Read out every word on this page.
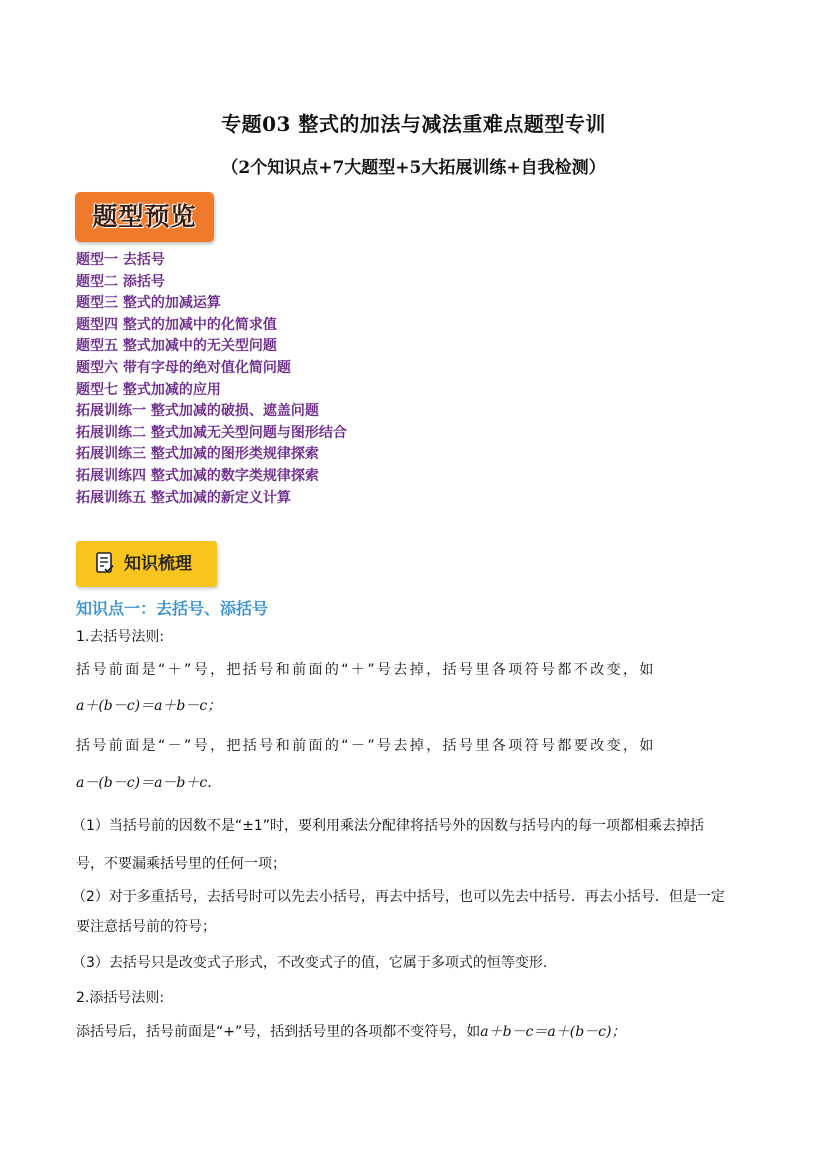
专题03 整式的加法与减法重难点题型专训
（2个知识点+7大题型+5大拓展训练+自我检测）
题型预览
题型一 去括号
题型二 添括号
题型三 整式的加减运算
题型四 整式的加减中的化简求值
题型五 整式加减中的无关型问题
题型六 带有字母的绝对值化简问题
题型七 整式加减的应用
拓展训练一 整式加减的破损、遮盖问题
拓展训练二 整式加减无关型问题与图形结合
拓展训练三 整式加减的图形类规律探索
拓展训练四 整式加减的数字类规律探索
拓展训练五 整式加减的新定义计算
知识梳理
知识点一：去括号、添括号
1.去括号法则:
括号前面是“＋”号，把括号和前面的“＋”号去掉，括号里各项符号都不改变，如
a＋(b－c)＝a＋b－c；
括号前面是“－”号，把括号和前面的“－”号去掉，括号里各项符号都要改变，如
a－(b－c)＝a－b＋c.
（1）当括号前的因数不是“±1”时，要利用乘法分配律将括号外的因数与括号内的每一项都相乘去掉括
号，不要漏乘括号里的任何一项；
（2）对于多重括号，去括号时可以先去小括号，再去中括号，也可以先去中括号．再去小括号．但是一定
要注意括号前的符号；
（3）去括号只是改变式子形式，不改变式子的值，它属于多项式的恒等变形.
2.添括号法则:
添括号后，括号前面是“+”号，括到括号里的各项都不变符号，如a＋b－c＝a＋(b－c)；
